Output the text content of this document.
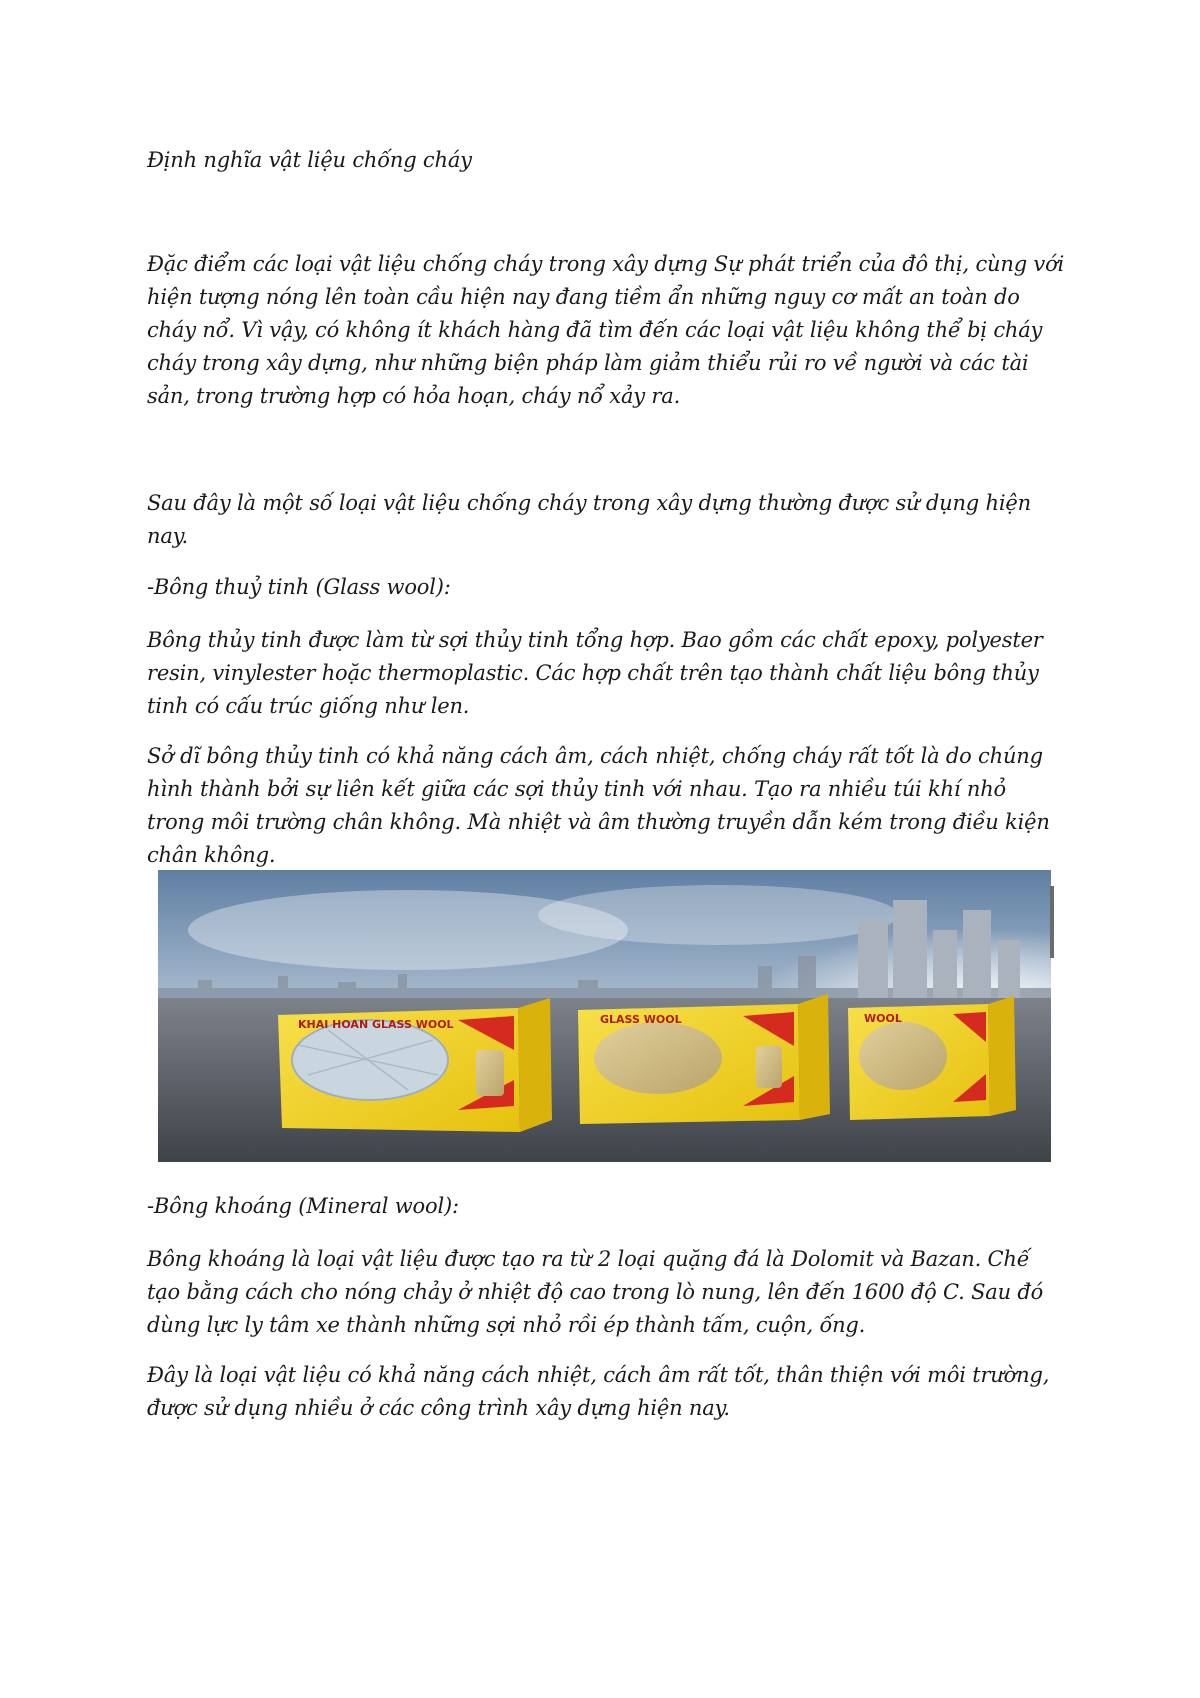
Định nghĩa vật liệu chống cháy

Đặc điểm các loại vật liệu chống cháy trong xây dựng Sự phát triển của đô thị, cùng với hiện tượng nóng lên toàn cầu hiện nay đang tiềm ẩn những nguy cơ mất an toàn do cháy nổ. Vì vậy, có không ít khách hàng đã tìm đến các loại vật liệu không thể bị cháy cháy trong xây dựng, như những biện pháp làm giảm thiểu rủi ro về người và các tài sản, trong trường hợp có hỏa hoạn, cháy nổ xảy ra.

Sau đây là một số loại vật liệu chống cháy trong xây dựng thường được sử dụng hiện nay.

-Bông thuỷ tinh (Glass wool):

Bông thủy tinh được làm từ sợi thủy tinh tổng hợp. Bao gồm các chất epoxy, polyester resin, vinylester hoặc thermoplastic. Các hợp chất trên tạo thành chất liệu bông thủy tinh có cấu trúc giống như len.

Sở dĩ bông thủy tinh có khả năng cách âm, cách nhiệt, chống cháy rất tốt là do chúng hình thành bởi sự liên kết giữa các sợi thủy tinh với nhau. Tạo ra nhiều túi khí nhỏ trong môi trường chân không. Mà nhiệt và âm thường truyền dẫn kém trong điều kiện chân không.

KHAI HOAN GLASS WOOL	GLASS WOOL	WOOL

-Bông khoáng (Mineral wool):

Bông khoáng là loại vật liệu được tạo ra từ 2 loại quặng đá là Dolomit và Bazan. Chế tạo bằng cách cho nóng chảy ở nhiệt độ cao trong lò nung, lên đến 1600 độ C. Sau đó dùng lực ly tâm xe thành những sợi nhỏ rồi ép thành tấm, cuộn, ống.

Đây là loại vật liệu có khả năng cách nhiệt, cách âm rất tốt, thân thiện với môi trường, được sử dụng nhiều ở các công trình xây dựng hiện nay.
